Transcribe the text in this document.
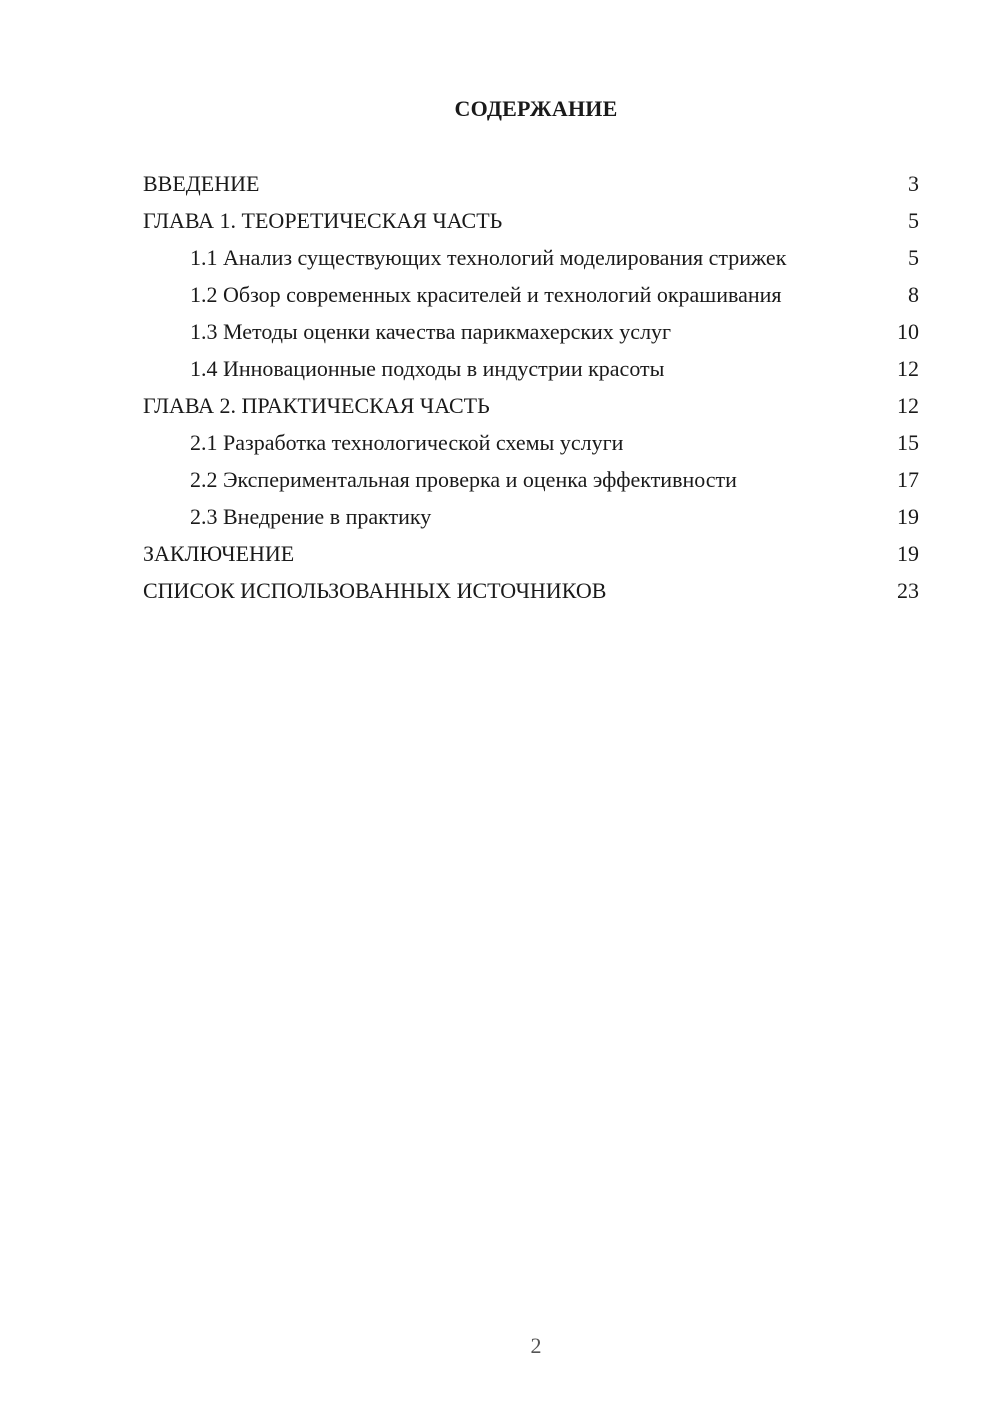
СОДЕРЖАНИЕ
ВВЕДЕНИЕ	3
ГЛАВА 1. ТЕОРЕТИЧЕСКАЯ ЧАСТЬ	5
1.1 Анализ существующих технологий моделирования стрижек	5
1.2 Обзор современных красителей и технологий окрашивания	8
1.3 Методы оценки качества парикмахерских услуг	10
1.4 Инновационные подходы в индустрии красоты	12
ГЛАВА 2. ПРАКТИЧЕСКАЯ ЧАСТЬ	12
2.1 Разработка технологической схемы услуги	15
2.2 Экспериментальная проверка и оценка эффективности	17
2.3 Внедрение в практику	19
ЗАКЛЮЧЕНИЕ	19
СПИСОК ИСПОЛЬЗОВАННЫХ ИСТОЧНИКОВ	23
2
